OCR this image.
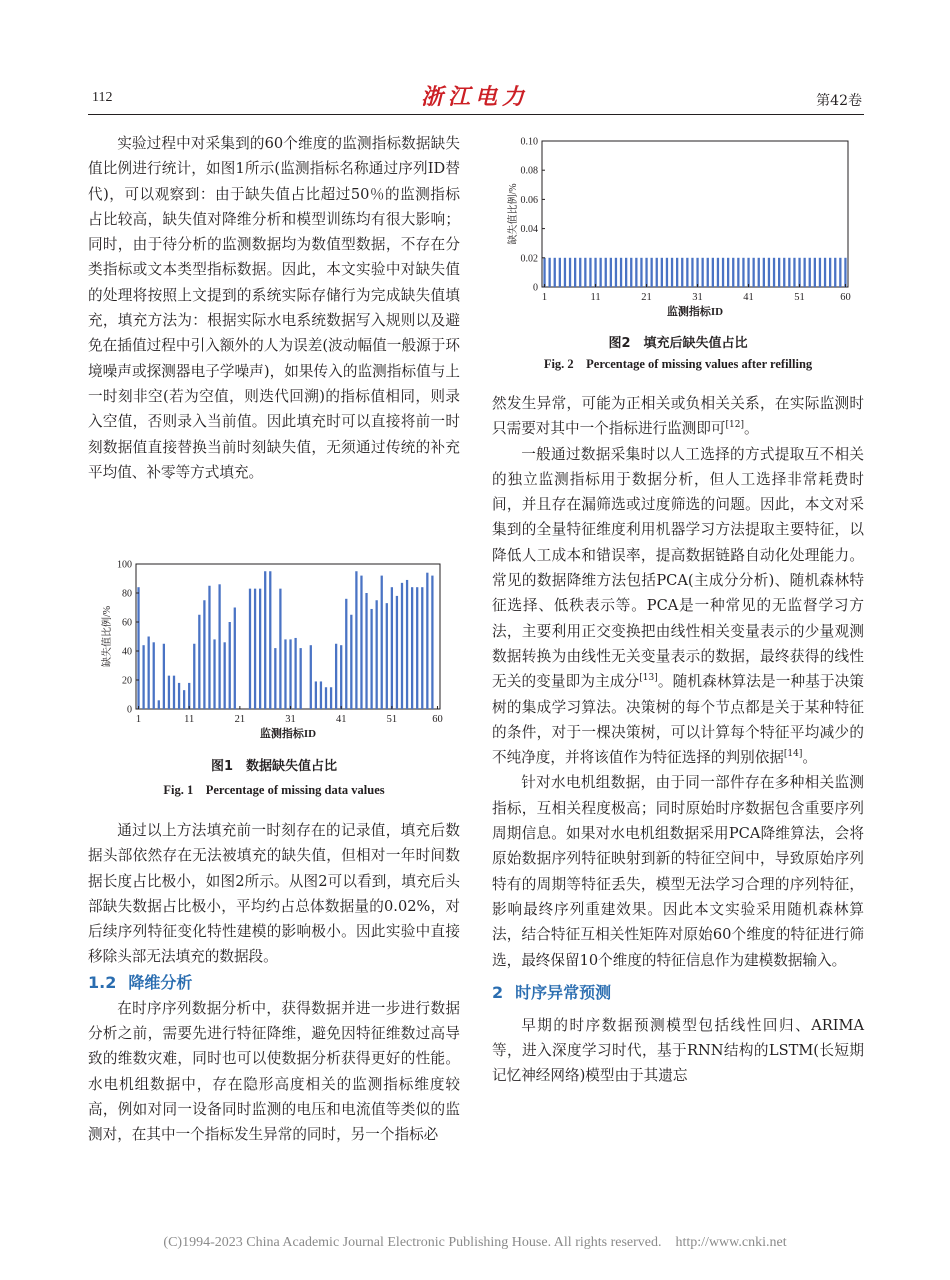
112	浙江电力	第42卷

实验过程中对采集到的60个维度的监测指标数据缺失值比例进行统计，如图1所示(监测指标名称通过序列ID替代)，可以观察到：由于缺失值占比超过50％的监测指标占比较高，缺失值对降维分析和模型训练均有很大影响；同时，由于待分析的监测数据均为数值型数据，不存在分类指标或文本类型指标数据。因此，本文实验中对缺失值的处理将按照上文提到的系统实际存储行为完成缺失值填充，填充方法为：根据实际水电系统数据写入规则以及避免在插值过程中引入额外的人为误差(波动幅值一般源于环境噪声或探测器电子学噪声)，如果传入的监测指标值与上一时刻非空(若为空值，则迭代回溯)的指标值相同，则录入空值，否则录入当前值。因此填充时可以直接将前一时刻数据值直接替换当前时刻缺失值，无须通过传统的补充平均值、补零等方式填充。

0
20
40
60
80
100
1	11	21	31	41	51	60
监测指标ID
缺失值比例/%
图1　数据缺失值占比
Fig. 1　Percentage of missing data values

通过以上方法填充前一时刻存在的记录值，填充后数据头部依然存在无法被填充的缺失值，但相对一年时间数据长度占比极小，如图2所示。从图2可以看到，填充后头部缺失数据占比极小，平均约占总体数据量的0.02%，对后续序列特征变化特性建模的影响极小。因此实验中直接移除头部无法填充的数据段。

1.2 降维分析

在时序序列数据分析中，获得数据并进一步进行数据分析之前，需要先进行特征降维，避免因特征维数过高导致的维数灾难，同时也可以使数据分析获得更好的性能。水电机组数据中，存在隐形高度相关的监测指标维度较高，例如对同一设备同时监测的电压和电流值等类似的监测对，在其中一个指标发生异常的同时，另一个指标必

0
0.02
0.04
0.06
0.08
0.10
1	11	21	31	41	51	60
监测指标ID
缺失值比例/%
图2　填充后缺失值占比
Fig. 2　Percentage of missing values after refilling

然发生异常，可能为正相关或负相关关系，在实际监测时只需要对其中一个指标进行监测即可[12]。

一般通过数据采集时以人工选择的方式提取互不相关的独立监测指标用于数据分析，但人工选择非常耗费时间，并且存在漏筛选或过度筛选的问题。因此，本文对采集到的全量特征维度利用机器学习方法提取主要特征，以降低人工成本和错误率，提高数据链路自动化处理能力。常见的数据降维方法包括PCA(主成分分析)、随机森林特征选择、低秩表示等。PCA是一种常见的无监督学习方法，主要利用正交变换把由线性相关变量表示的少量观测数据转换为由线性无关变量表示的数据，最终获得的线性无关的变量即为主成分[13]。随机森林算法是一种基于决策树的集成学习算法。决策树的每个节点都是关于某种特征的条件，对于一棵决策树，可以计算每个特征平均减少的不纯净度，并将该值作为特征选择的判别依据[14]。

针对水电机组数据，由于同一部件存在多种相关监测指标，互相关程度极高；同时原始时序数据包含重要序列周期信息。如果对水电机组数据采用PCA降维算法，会将原始数据序列特征映射到新的特征空间中，导致原始序列特有的周期等特征丢失，模型无法学习合理的序列特征，影响最终序列重建效果。因此本文实验采用随机森林算法，结合特征互相关性矩阵对原始60个维度的特征进行筛选，最终保留10个维度的特征信息作为建模数据输入。

2 时序异常预测

早期的时序数据预测模型包括线性回归、ARIMA等，进入深度学习时代，基于RNN结构的LSTM(长短期记忆神经网络)模型由于其遗忘

(C)1994-2023 China Academic Journal Electronic Publishing House. All rights reserved. http://www.cnki.net
